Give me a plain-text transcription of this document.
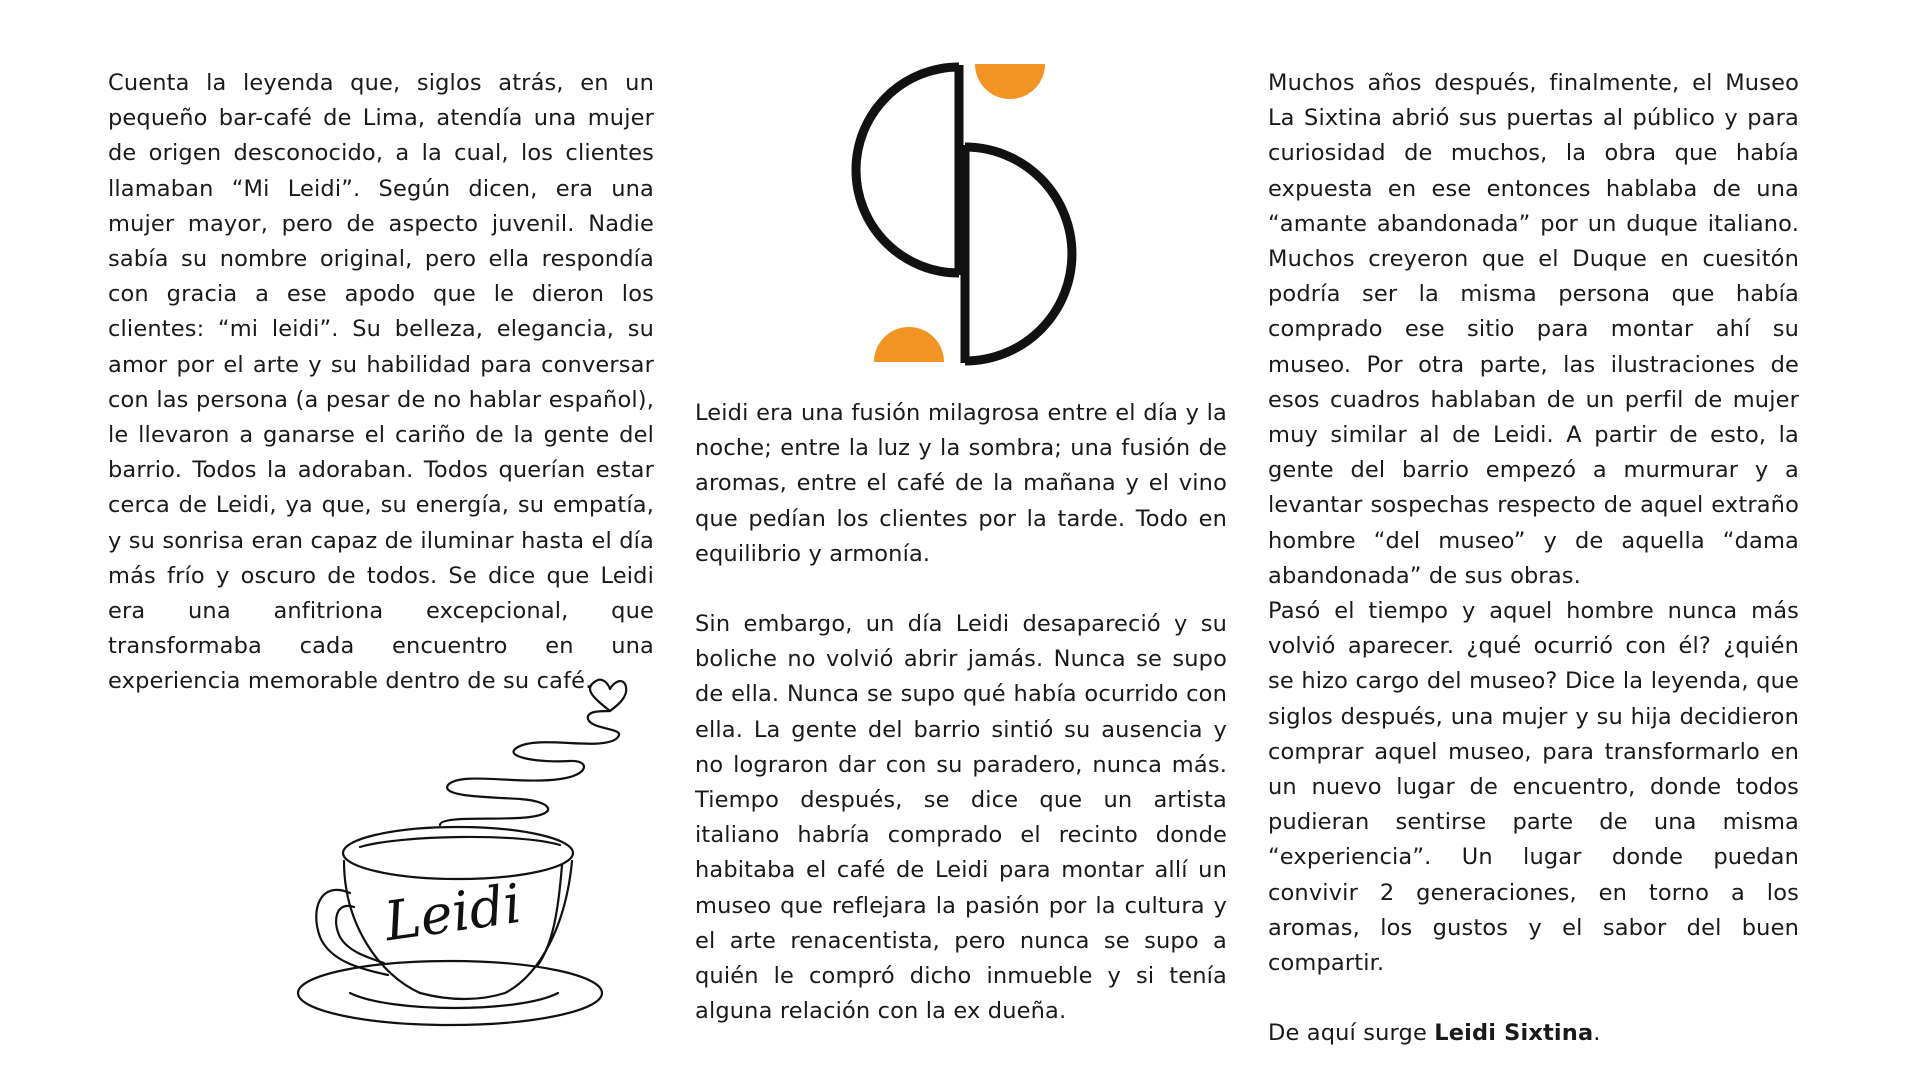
Cuenta la leyenda que, siglos atrás, en un pequeño bar-café de Lima, atendía una mujer de origen desconocido, a la cual, los clientes llamaban “Mi Leidi”. Según dicen, era una mujer mayor, pero de aspecto juvenil. Nadie sabía su nombre original, pero ella respondía con gracia a ese apodo que le dieron los clientes: “mi leidi”. Su belleza, elegancia, su amor por el arte y su habilidad para conversar con las persona (a pesar de no hablar español), le llevaron a ganarse el cariño de la gente del barrio. Todos la adoraban. Todos querían estar cerca de Leidi, ya que, su energía, su empatía, y su sonrisa eran capaz de iluminar hasta el día más frío y oscuro de todos. Se dice que Leidi era una anfitriona excepcional, que transformaba cada encuentro en una experiencia memorable dentro de su café.

Leidi era una fusión milagrosa entre el día y la noche; entre la luz y la sombra; una fusión de aromas, entre el café de la mañana y el vino que pedían los clientes por la tarde. Todo en equilibrio y armonía.

Sin embargo, un día Leidi desapareció y su boliche no volvió abrir jamás. Nunca se supo de ella. Nunca se supo qué había ocurrido con ella. La gente del barrio sintió su ausencia y no lograron dar con su paradero, nunca más. Tiempo después, se dice que un artista italiano habría comprado el recinto donde habitaba el café de Leidi para montar allí un museo que reflejara la pasión por la cultura y el arte renacentista, pero nunca se supo a quién le compró dicho inmueble y si tenía alguna relación con la ex dueña.

Muchos años después, finalmente, el Museo La Sixtina abrió sus puertas al público y para curiosidad de muchos, la obra que había expuesta en ese entonces hablaba de una “amante abandonada” por un duque italiano. Muchos creyeron que el Duque en cuesitón podría ser la misma persona que había comprado ese sitio para montar ahí su museo. Por otra parte, las ilustraciones de esos cuadros hablaban de un perfil de mujer muy similar al de Leidi. A partir de esto, la gente del barrio empezó a murmurar y a levantar sospechas respecto de aquel extraño hombre “del museo” y de aquella “dama abandonada” de sus obras.

Pasó el tiempo y aquel hombre nunca más volvió aparecer. ¿qué ocurrió con él? ¿quién se hizo cargo del museo? Dice la leyenda, que siglos después, una mujer y su hija decidieron comprar aquel museo, para transformarlo en un nuevo lugar de encuentro, donde todos pudieran sentirse parte de una misma “experiencia”. Un lugar donde puedan convivir 2 generaciones, en torno a los aromas, los gustos y el sabor del buen compartir.

De aquí surge Leidi Sixtina.

Leidi
